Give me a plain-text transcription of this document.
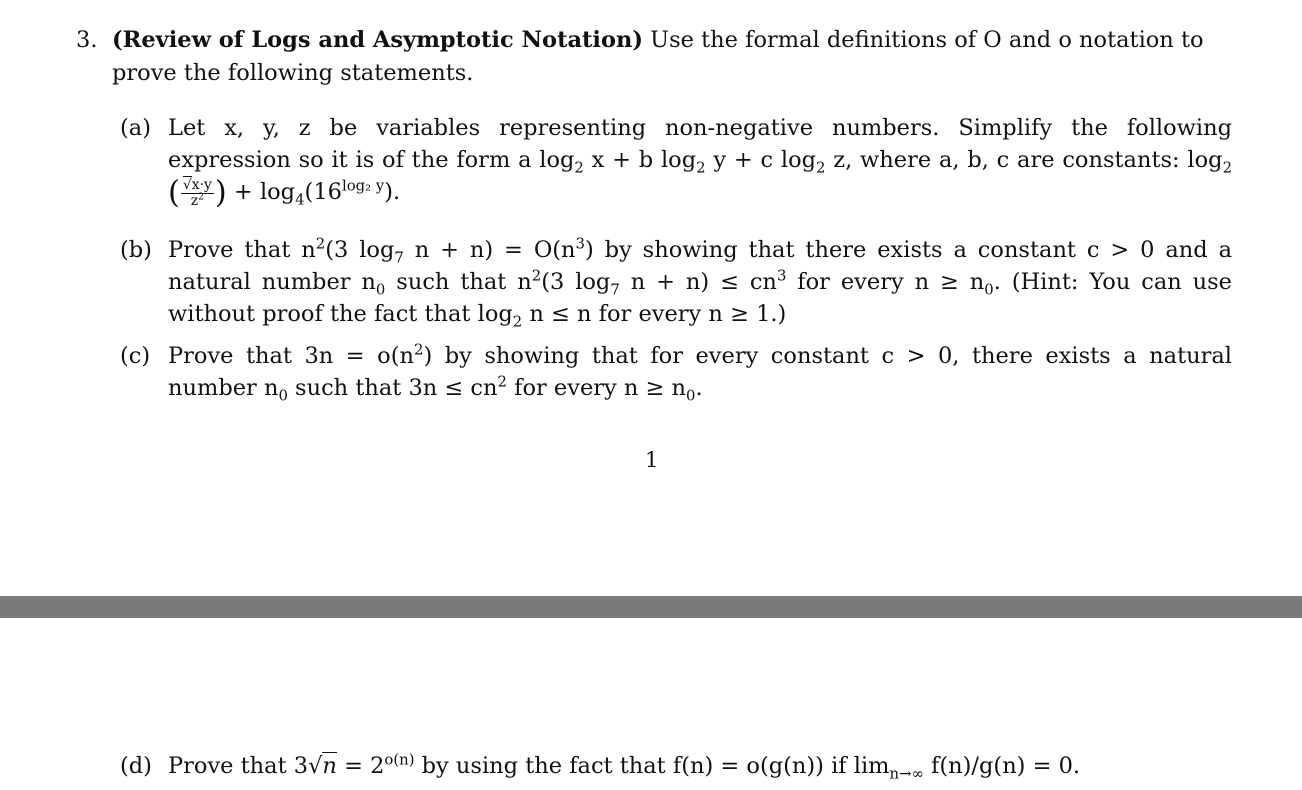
3. (Review of Logs and Asymptotic Notation) Use the formal definitions of O and o notation to prove the following statements.
(a) Let x, y, z be variables representing non-negative numbers. Simplify the following expression so it is of the form a $\log_2 x + b$ $\log_2 y + c$ $\log_2 z$, where a, b, c are constants: $\log_2$ ( $\frac{√x\cdot y}{z^2}$ ) + $\log_4(16^{log_2 y})$.
(b) Prove that $n^2(3$ $\log_7 n + n) = O(n^3)$ by showing that there exists a constant c > 0 and a natural number $n_0$ such that $n^2(3$ $\log_7 n + n) \le cn^3$ for every $n \ge n_0$. (Hint: You can use without proof the fact that $\log_2 n \le n$ for every n ≥ 1.)
(c) Prove that $3n = o(n^2)$ by showing that for every constant c > 0, there exists a natural number $n_0$ such that $3n \le cn^2$ for every $n \ge n_0$.
1
(d) Prove that $3√n = 2^{o(n)}$ by using the fact that f(n) = o(g(n)) if $\lim_{n\to\infty} f(n)/g(n) = 0$.
